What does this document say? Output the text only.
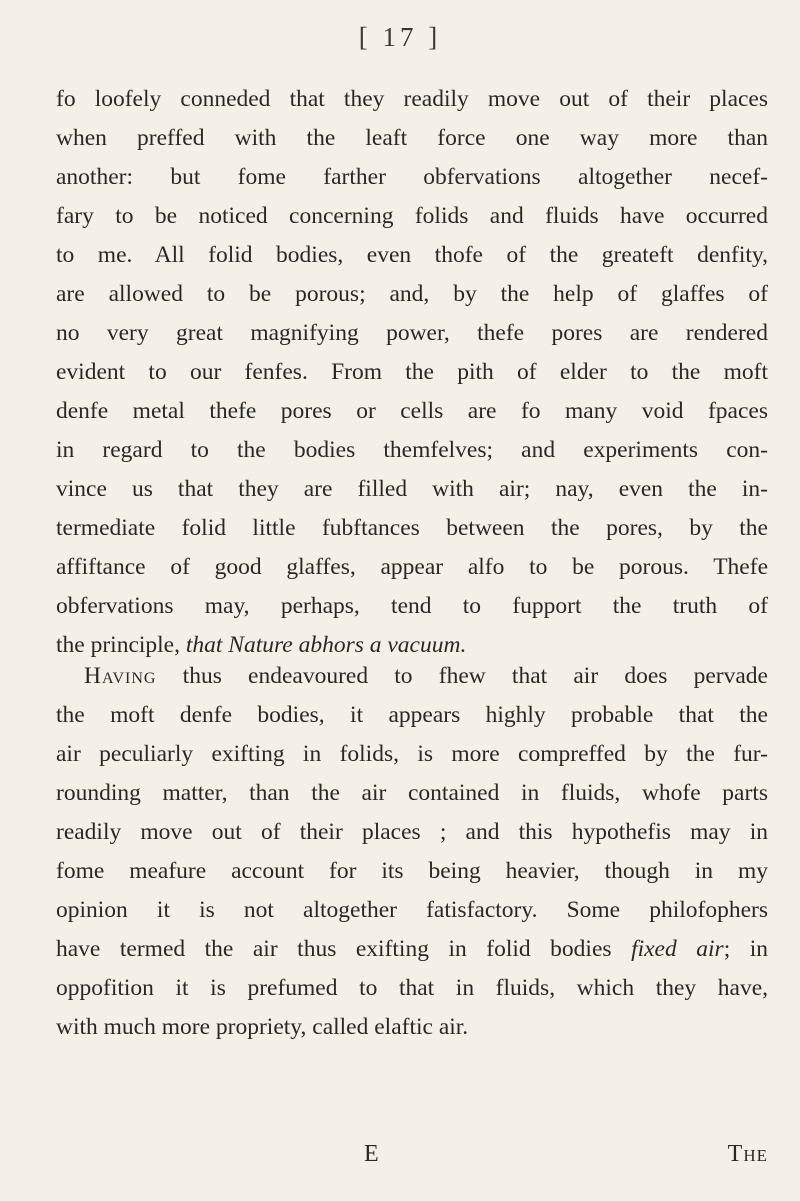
[ 17 ]
fo loofely conneded that they readily move out of their places
when preffed with the leaft force one way more than
another: but fome farther obfervations altogether necef-
fary to be noticed concerning folids and fluids have occurred
to me. All folid bodies, even thofe of the greateft denfity,
are allowed to be porous; and, by the help of glaffes of
no very great magnifying power, thefe pores are rendered
evident to our fenfes. From the pith of elder to the moft
denfe metal thefe pores or cells are fo many void fpaces
in regard to the bodies themfelves; and experiments con-
vince us that they are filled with air; nay, even the in-
termediate folid little fubftances between the pores, by the
affiftance of good glaffes, appear alfo to be porous. Thefe
obfervations may, perhaps, tend to fupport the truth of
the principle, that Nature abhors a vacuum.
Having thus endeavoured to fhew that air does pervade
the moft denfe bodies, it appears highly probable that the
air peculiarly exifting in folids, is more compreffed by the fur-
rounding matter, than the air contained in fluids, whofe parts
readily move out of their places ; and this hypothefis may in
fome meafure account for its being heavier, though in my
opinion it is not altogether fatisfactory. Some philofophers
have termed the air thus exifting in folid bodies fixed air; in
oppofition it is prefumed to that in fluids, which they have,
with much more propriety, called elaftic air.
E	The
